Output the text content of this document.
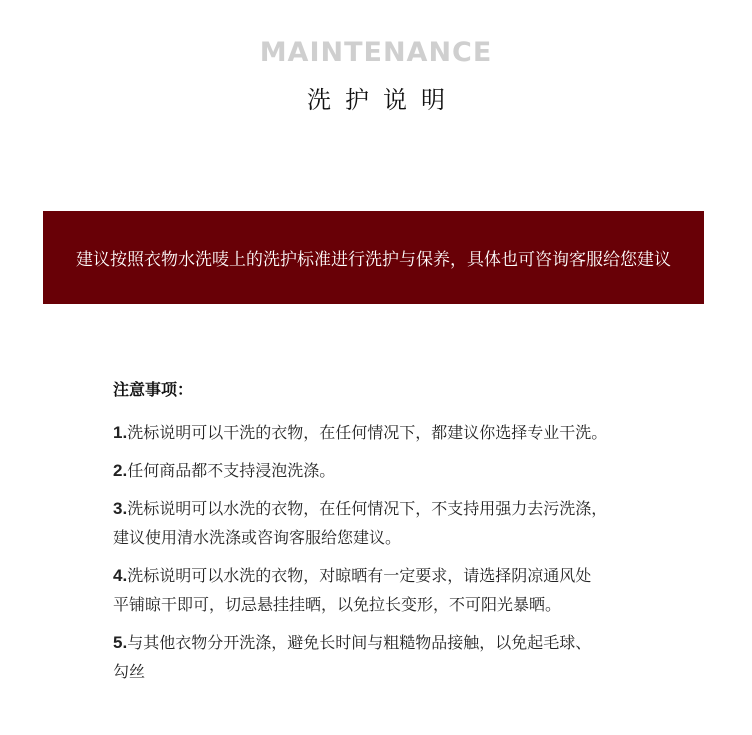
MAINTENANCE
洗护说明
建议按照衣物水洗唛上的洗护标准进行洗护与保养，具体也可咨询客服给您建议
注意事项：
1.洗标说明可以干洗的衣物，在任何情况下，都建议你选择专业干洗。
2.任何商品都不支持浸泡洗涤。
3.洗标说明可以水洗的衣物，在任何情况下，不支持用强力去污洗涤，
建议使用清水洗涤或咨询客服给您建议。
4.洗标说明可以水洗的衣物，对晾晒有一定要求，请选择阴凉通风处
平铺晾干即可，切忌悬挂挂晒，以免拉长变形，不可阳光暴晒。
5.与其他衣物分开洗涤，避免长时间与粗糙物品接触，以免起毛球、
勾丝
